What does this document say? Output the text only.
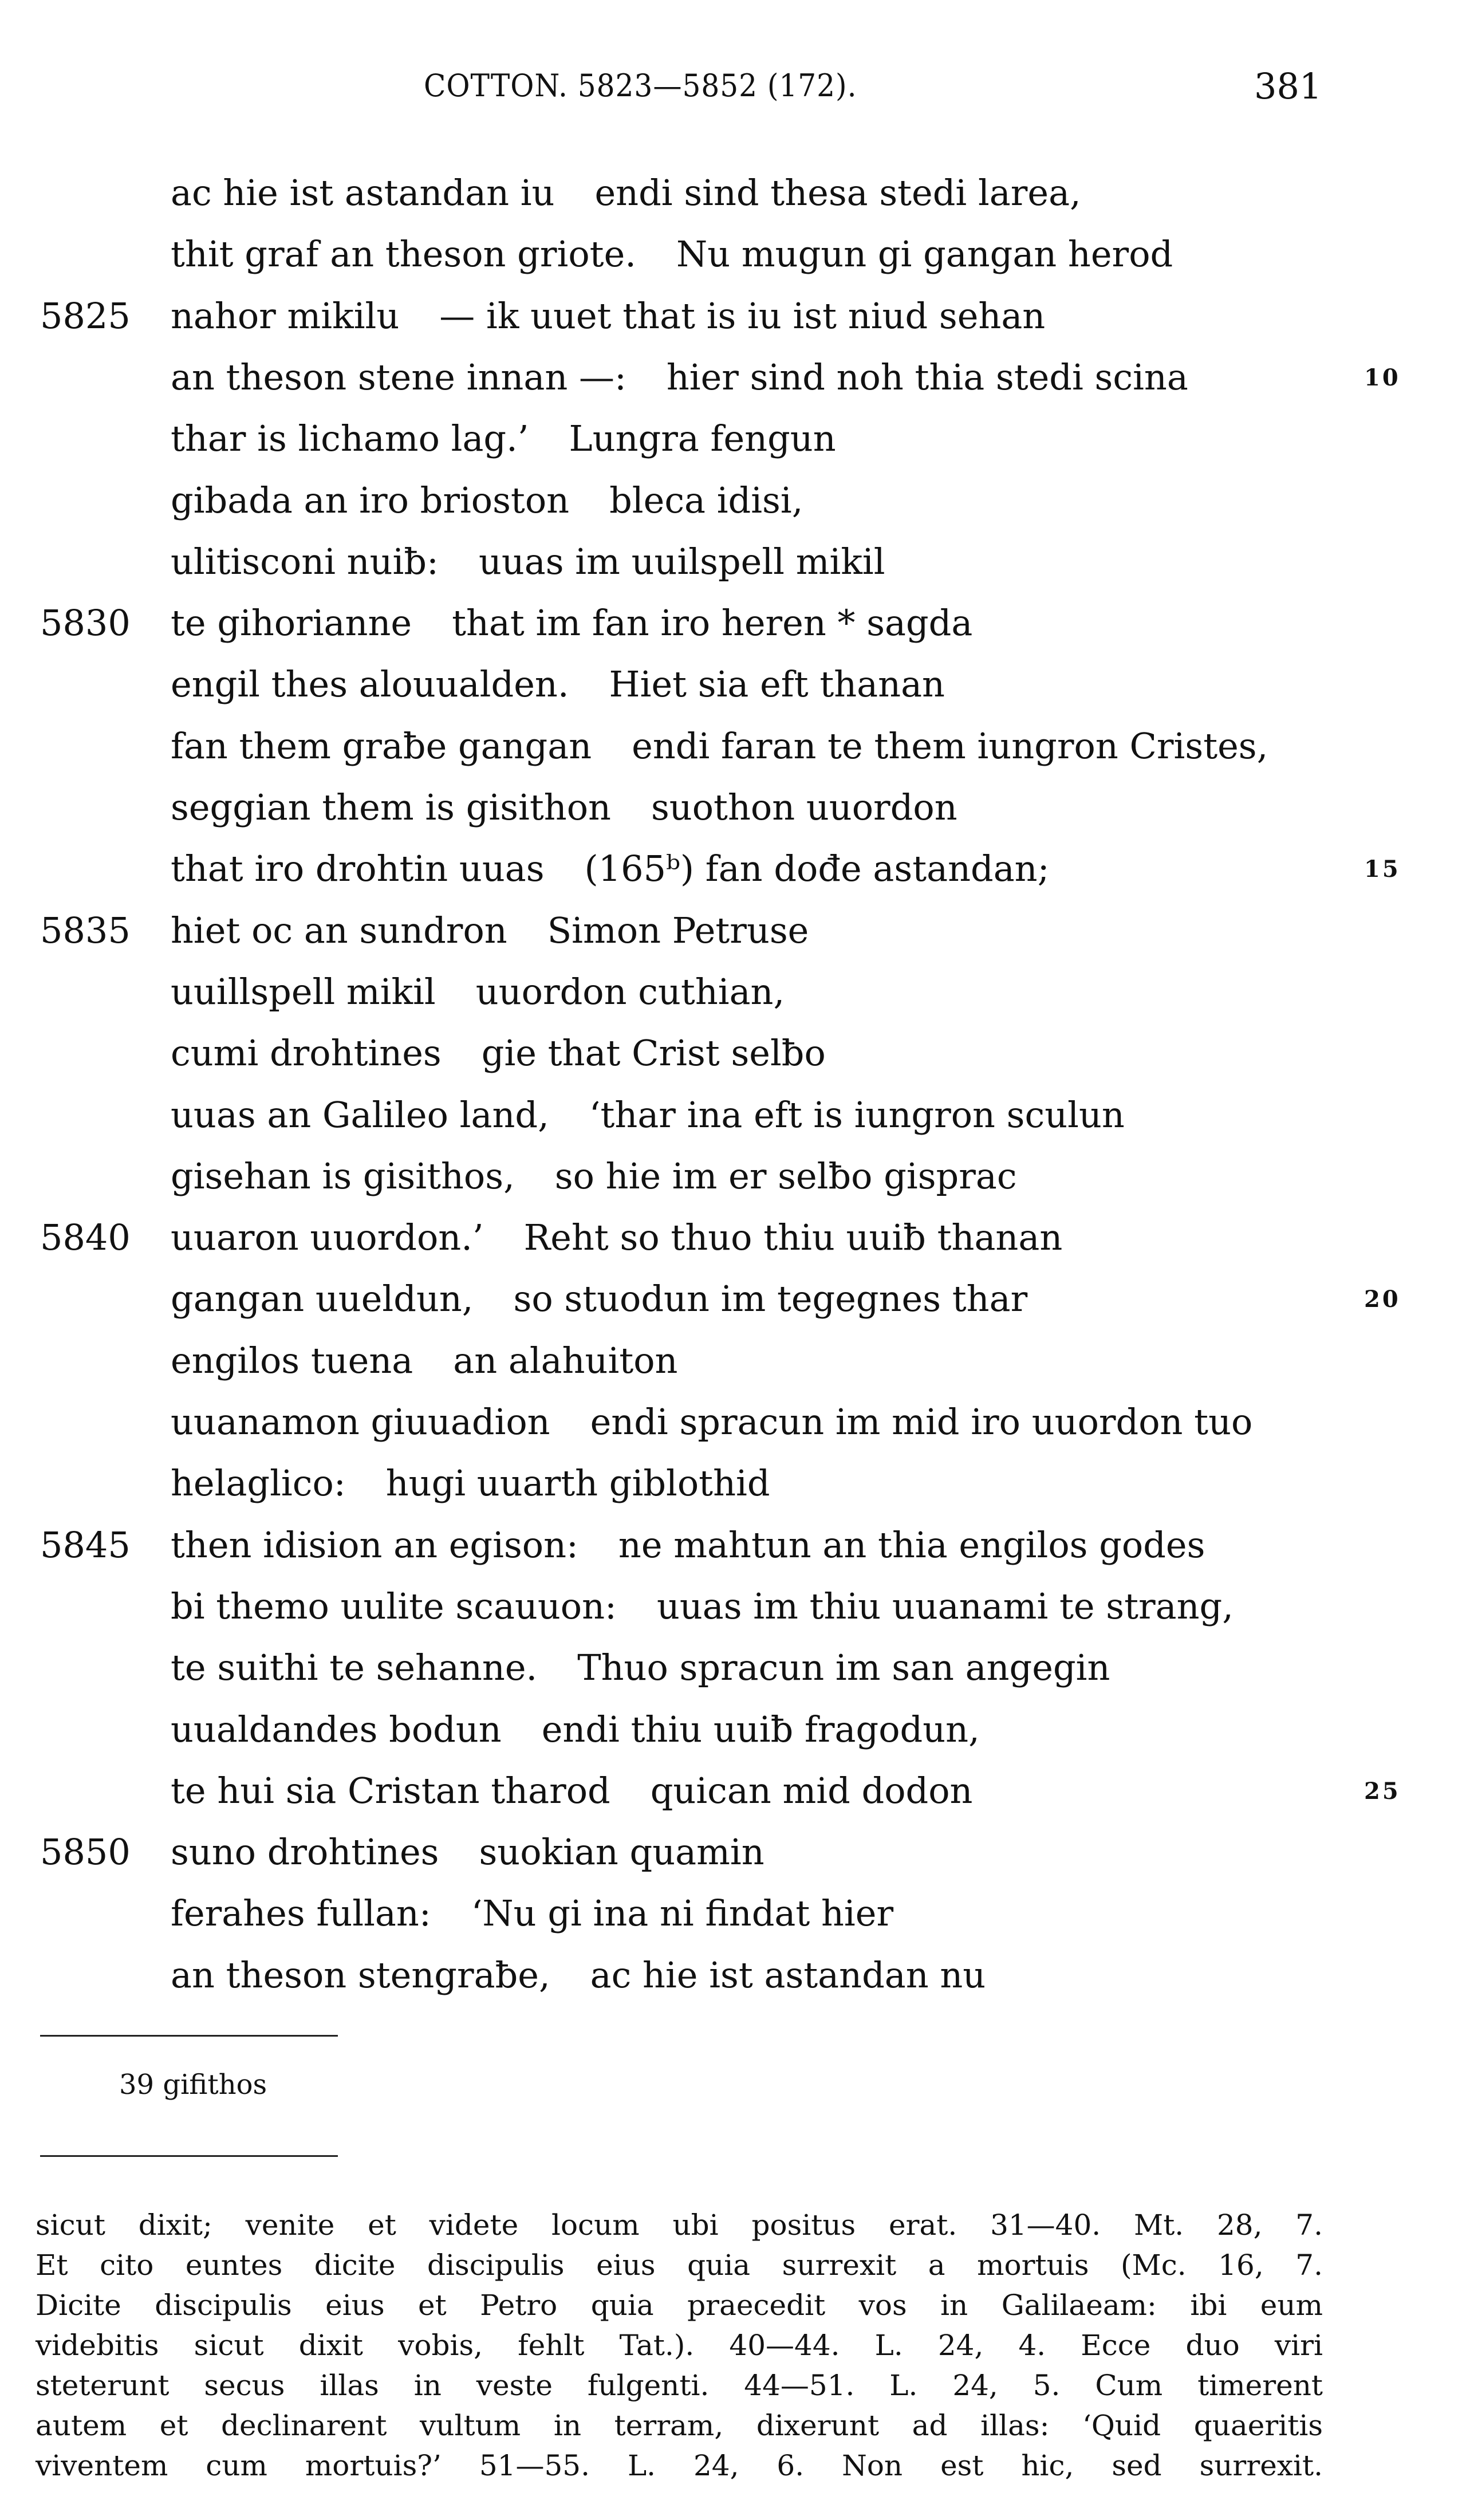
COTTON. 5823—5852 (172).	381
ac hie ist astandan iu endi sind thesa stedi larea,
thit graf an theson griote. Nu mugun gi gangan herod
5825	nahor mikilu — ik uuet that is iu ist niud sehan
an theson stene innan —: hier sind noh thia stedi scina	10
thar is lichamo lag.’ Lungra fengun
gibada an iro brioston bleca idisi,
ulitisconi nuiƀ: uuas im uuilspell mikil
5830	te gihorianne that im fan iro heren * sagda
engil thes alouualden. Hiet sia eft thanan
fan them graƀe gangan endi faran te them iungron Cristes,
seggian them is gisithon suothon uuordon
that iro drohtin uuas (165ᵇ) fan dođe astandan;	15
5835	hiet oc an sundron Simon Petruse
uuillspell mikil uuordon cuthian,
cumi drohtines gie that Crist selƀo
uuas an Galileo land, ‘thar ina eft is iungron sculun
gisehan is gisithos, so hie im er selƀo gisprac
5840	uuaron uuordon.’ Reht so thuo thiu uuiƀ thanan
gangan uueldun, so stuodun im tegegnes thar	20
engilos tuena an alahuiton
uuanamon giuuadion endi spracun im mid iro uuordon tuo
helaglico: hugi uuarth giblothid
5845	then idision an egison: ne mahtun an thia engilos godes
bi themo uulite scauuon: uuas im thiu uuanami te strang,
te suithi te sehanne. Thuo spracun im san angegin
uualdandes bodun endi thiu uuiƀ fragodun,
te hui sia Cristan tharod quican mid dodon	25
5850	suno drohtines suokian quamin
ferahes fullan: ‘Nu gi ina ni findat hier
an theson stengraƀe, ac hie ist astandan nu
39 gifithos
sicut dixit; venite et videte locum ubi positus erat. 31—40. Mt. 28, 7.
Et cito euntes dicite discipulis eius quia surrexit a mortuis (Mc. 16, 7.
Dicite discipulis eius et Petro quia praecedit vos in Galilaeam: ibi eum
videbitis sicut dixit vobis, fehlt Tat.). 40—44. L. 24, 4. Ecce duo viri
steterunt secus illas in veste fulgenti. 44—51. L. 24, 5. Cum timerent
autem et declinarent vultum in terram, dixerunt ad illas: ‘Quid quaeritis
viventem cum mortuis?’ 51—55. L. 24, 6. Non est hic, sed surrexit.
